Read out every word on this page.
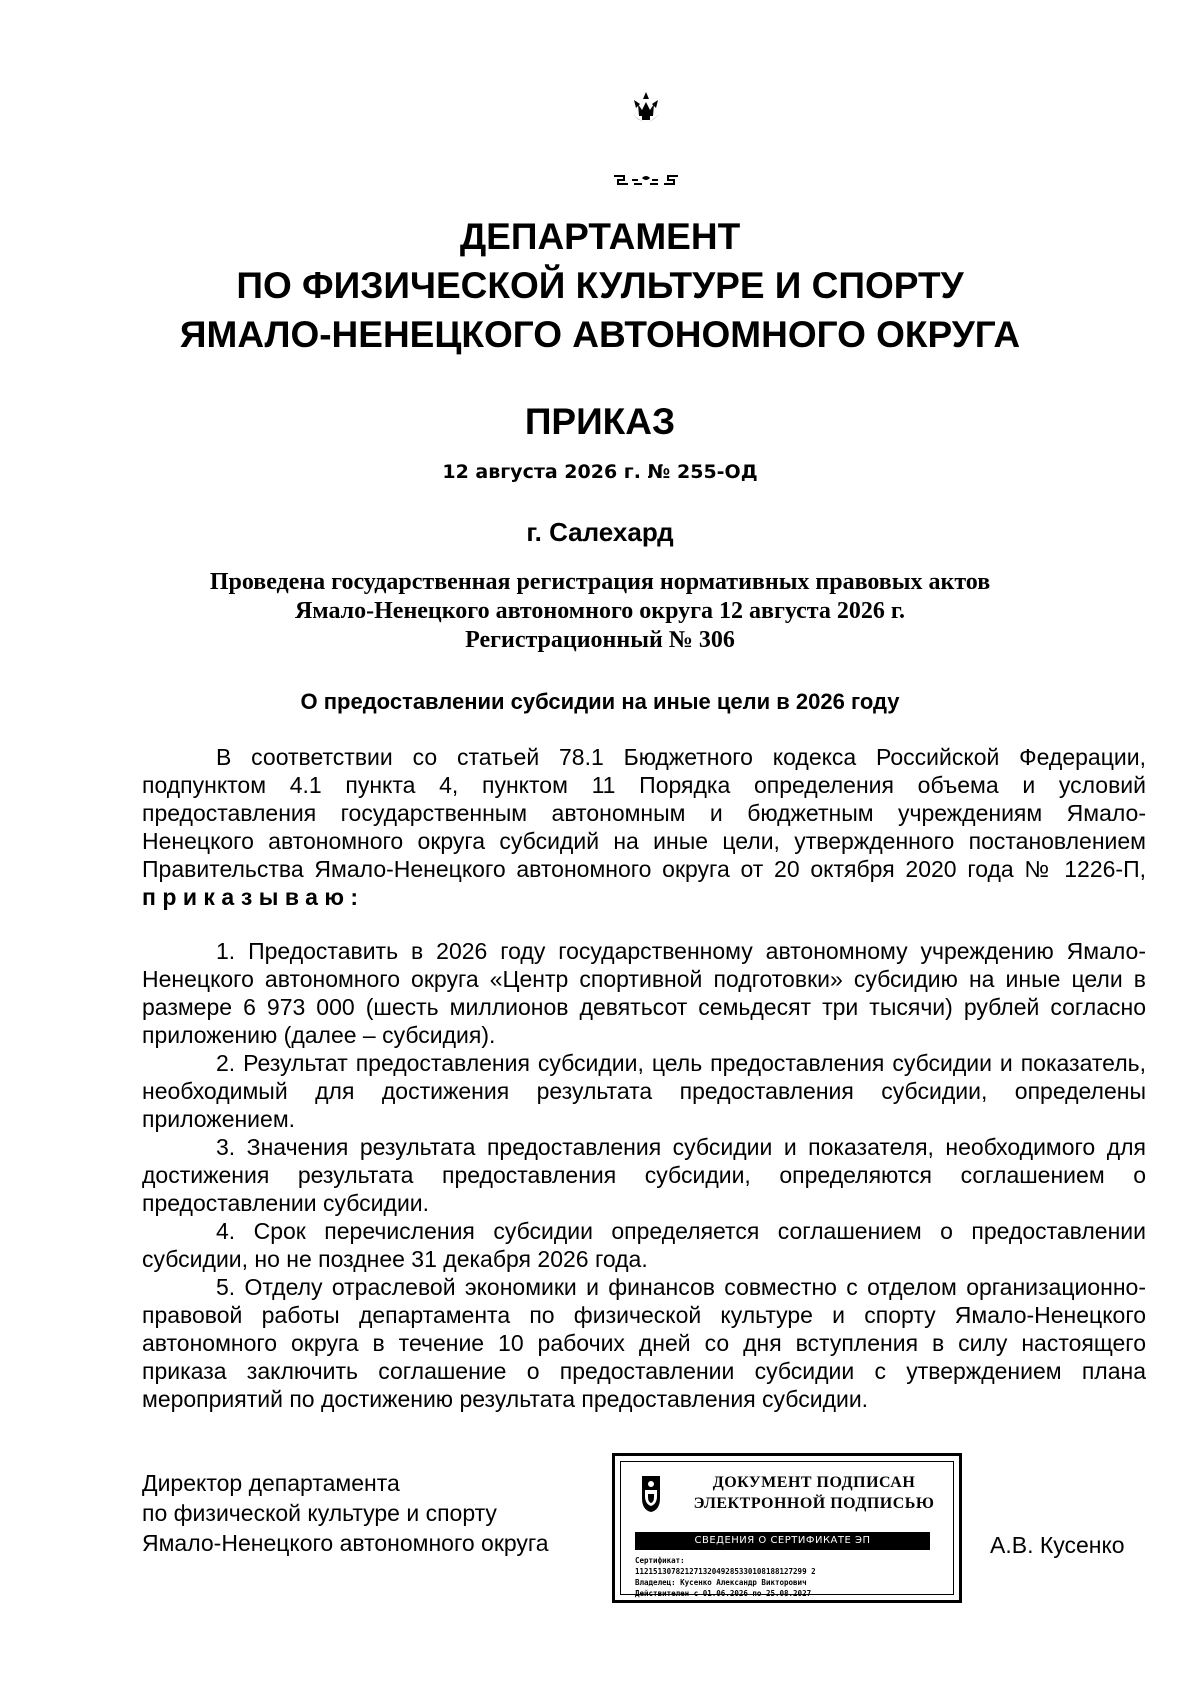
ДЕПАРТАМЕНТ
ПО ФИЗИЧЕСКОЙ КУЛЬТУРЕ И СПОРТУ
ЯМАЛО-НЕНЕЦКОГО АВТОНОМНОГО ОКРУГА
ПРИКАЗ
12 августа 2026 г. № 255-ОД
г. Салехард
Проведена государственная регистрация нормативных правовых актов
Ямало-Ненецкого автономного округа 12 августа 2026 г.
Регистрационный № 306
О предоставлении субсидии на иные цели в 2026 году

В соответствии со статьей 78.1 Бюджетного кодекса Российской Федерации, подпунктом 4.1 пункта 4, пунктом 11 Порядка определения объема и условий предоставления государственным автономным и бюджетным учреждениям Ямало-Ненецкого автономного округа субсидий на иные цели, утвержденного постановлением Правительства Ямало-Ненецкого автономного округа от 20 октября 2020 года № 1226-П, приказываю:

1. Предоставить в 2026 году государственному автономному учреждению Ямало-Ненецкого автономного округа «Центр спортивной подготовки» субсидию на иные цели в размере 6 973 000 (шесть миллионов девятьсот семьдесят три тысячи) рублей согласно приложению (далее – субсидия).

2. Результат предоставления субсидии, цель предоставления субсидии и показатель, необходимый для достижения результата предоставления субсидии, определены приложением.

3. Значения результата предоставления субсидии и показателя, необходимого для достижения результата предоставления субсидии, определяются соглашением о предоставлении субсидии.

4. Срок перечисления субсидии определяется соглашением о предоставлении субсидии, но не позднее 31 декабря 2026 года.

5. Отделу отраслевой экономики и финансов совместно с отделом организационно-правовой работы департамента по физической культуре и спорту Ямало-Ненецкого автономного округа в течение 10 рабочих дней со дня вступления в силу настоящего приказа заключить соглашение о предоставлении субсидии с утверждением плана мероприятий по достижению результата предоставления субсидии.

Директор департамента
по физической культуре и спорту
Ямало-Ненецкого автономного округа
ДОКУМЕНТ ПОДПИСАН
ЭЛЕКТРОННОЙ ПОДПИСЬЮ
СВЕДЕНИЯ О СЕРТИФИКАТЕ ЭП
Сертификат:
11215130782127132049285330108188127299 2
Владелец: Кусенко Александр Викторович
Действителен с 01.06.2026 по 25.08.2027
А.В. Кусенко
